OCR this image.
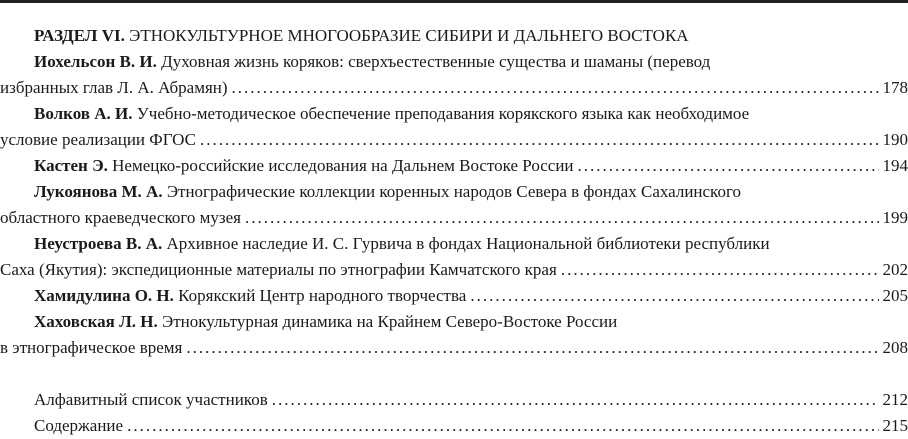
РАЗДЕЛ VI. ЭТНОКУЛЬТУРНОЕ МНОГООБРАЗИЕ СИБИРИ И ДАЛЬНЕГО ВОСТОКА
Иохельсон В. И. Духовная жизнь коряков: сверхъестественные существа и шаманы (перевод
избранных глав Л. А. Абрамян) .....	178
Волков А. И. Учебно-методическое обеспечение преподавания корякского языка как необходимое
условие реализации ФГОС .....	190
Кастен Э. Немецко-российские исследования на Дальнем Востоке России .....	194
Лукоянова М. А. Этнографические коллекции коренных народов Севера в фондах Сахалинского
областного краеведческого музея .....	199
Неустроева В. А. Архивное наследие И. С. Гурвича в фондах Национальной библиотеки республики
Саха (Якутия): экспедиционные материалы по этнографии Камчатского края .....	202
Хамидулина О. Н. Корякский Центр народного творчества .....	205
Хаховская Л. Н. Этнокультурная динамика на Крайнем Северо-Востоке России
в этнографическое время .....	208
Алфавитный список участников .....	212
Содержание .....	215
